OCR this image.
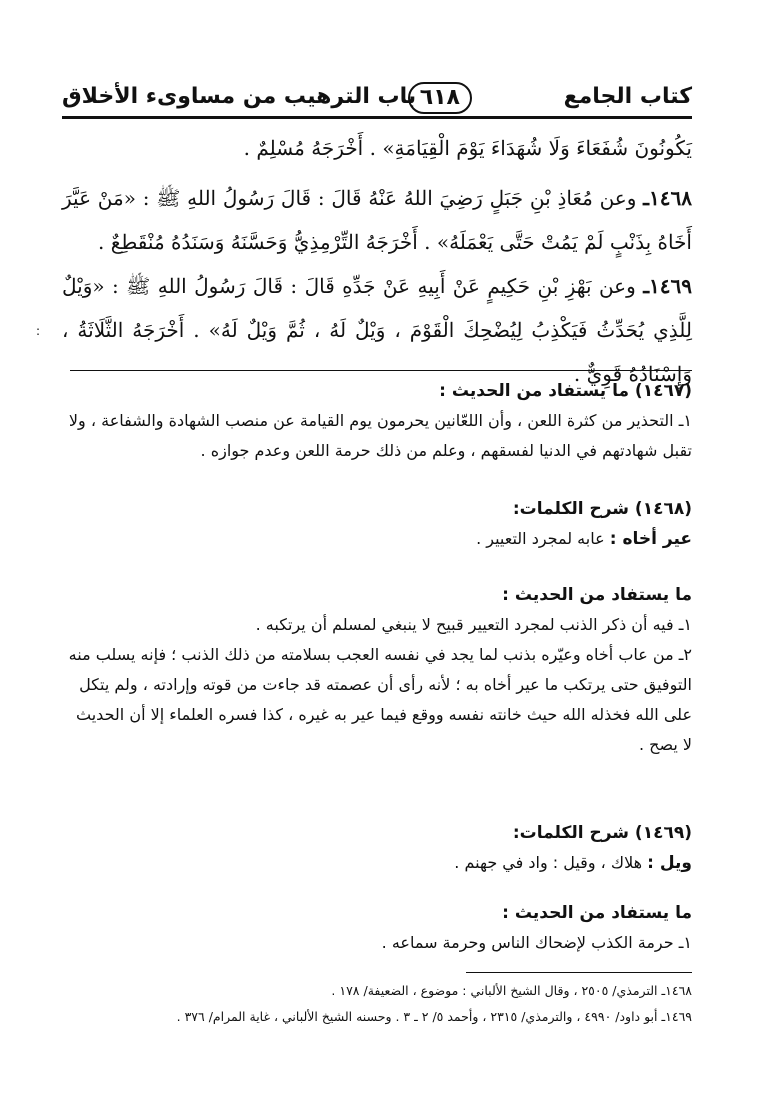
كتاب الجامع
٦١٨
باب الترهيب من مساوىء الأخلاق

يَكُونُونَ شُفَعَاءَ وَلَا شُهَدَاءَ يَوْمَ الْقِيَامَةِ» . أَخْرَجَهُ مُسْلِمٌ .

١٤٦٨ـ وعن مُعَاذِ بْنِ جَبَلٍ رَضِيَ اللهُ عَنْهُ قَالَ : قَالَ رَسُولُ اللهِ ﷺ : «مَنْ عَيَّرَ أَخَاهُ بِذَنْبٍ لَمْ يَمُتْ حَتَّى يَعْمَلَهُ» . أَخْرَجَهُ التِّرْمِذِيُّ وَحَسَّنَهُ وَسَنَدُهُ مُنْقَطِعٌ .

١٤٦٩ـ وعن بَهْزِ بْنِ حَكِيمٍ عَنْ أَبِيهِ عَنْ جَدِّهِ قَالَ : قَالَ رَسُولُ اللهِ ﷺ : «وَيْلٌ لِلَّذِي يُحَدِّثُ فَيَكْذِبُ لِيُضْحِكَ الْقَوْمَ ، وَيْلٌ لَهُ ، ثُمَّ وَيْلٌ لَهُ» . أَخْرَجَهُ الثَّلَاثَةُ ، وَإِسْنَادُهُ قَوِيٌّ .

:

(١٤٦٧) ما يستفاد من الحديث :

١ـ التحذير من كثرة اللعن ، وأن اللعّانين يحرمون يوم القيامة عن منصب الشهادة والشفاعة ، ولا تقبل شهادتهم في الدنيا لفسقهم ، وعلم من ذلك حرمة اللعن وعدم جوازه .

(١٤٦٨) شرح الكلمات:

عير أخاه : عابه لمجرد التعيير .

ما يستفاد من الحديث :

١ـ فيه أن ذكر الذنب لمجرد التعيير قبيح لا ينبغي لمسلم أن يرتكبه .

٢ـ من عاب أخاه وعيّره بذنب لما يجد في نفسه العجب بسلامته من ذلك الذنب ؛ فإنه يسلب منه التوفيق حتى يرتكب ما عير أخاه به ؛ لأنه رأى أن عصمته قد جاءت من قوته وإرادته ، ولم يتكل على الله فخذله الله حيث خانته نفسه ووقع فيما عير به غيره ، كذا فسره العلماء إلا أن الحديث لا يصح .

(١٤٦٩) شرح الكلمات:

ويل : هلاك ، وقيل : واد في جهنم .

ما يستفاد من الحديث :

١ـ حرمة الكذب لإضحاك الناس وحرمة سماعه .

١٤٦٨ـ الترمذي/ ٢٥٠٥ ، وقال الشيخ الألباني : موضوع ، الضعيفة/ ١٧٨ .

١٤٦٩ـ أبو داود/ ٤٩٩٠ ، والترمذي/ ٢٣١٥ ، وأحمد ٥/ ٢ ـ ٣ . وحسنه الشيخ الألباني ، غاية المرام/ ٣٧٦ .
